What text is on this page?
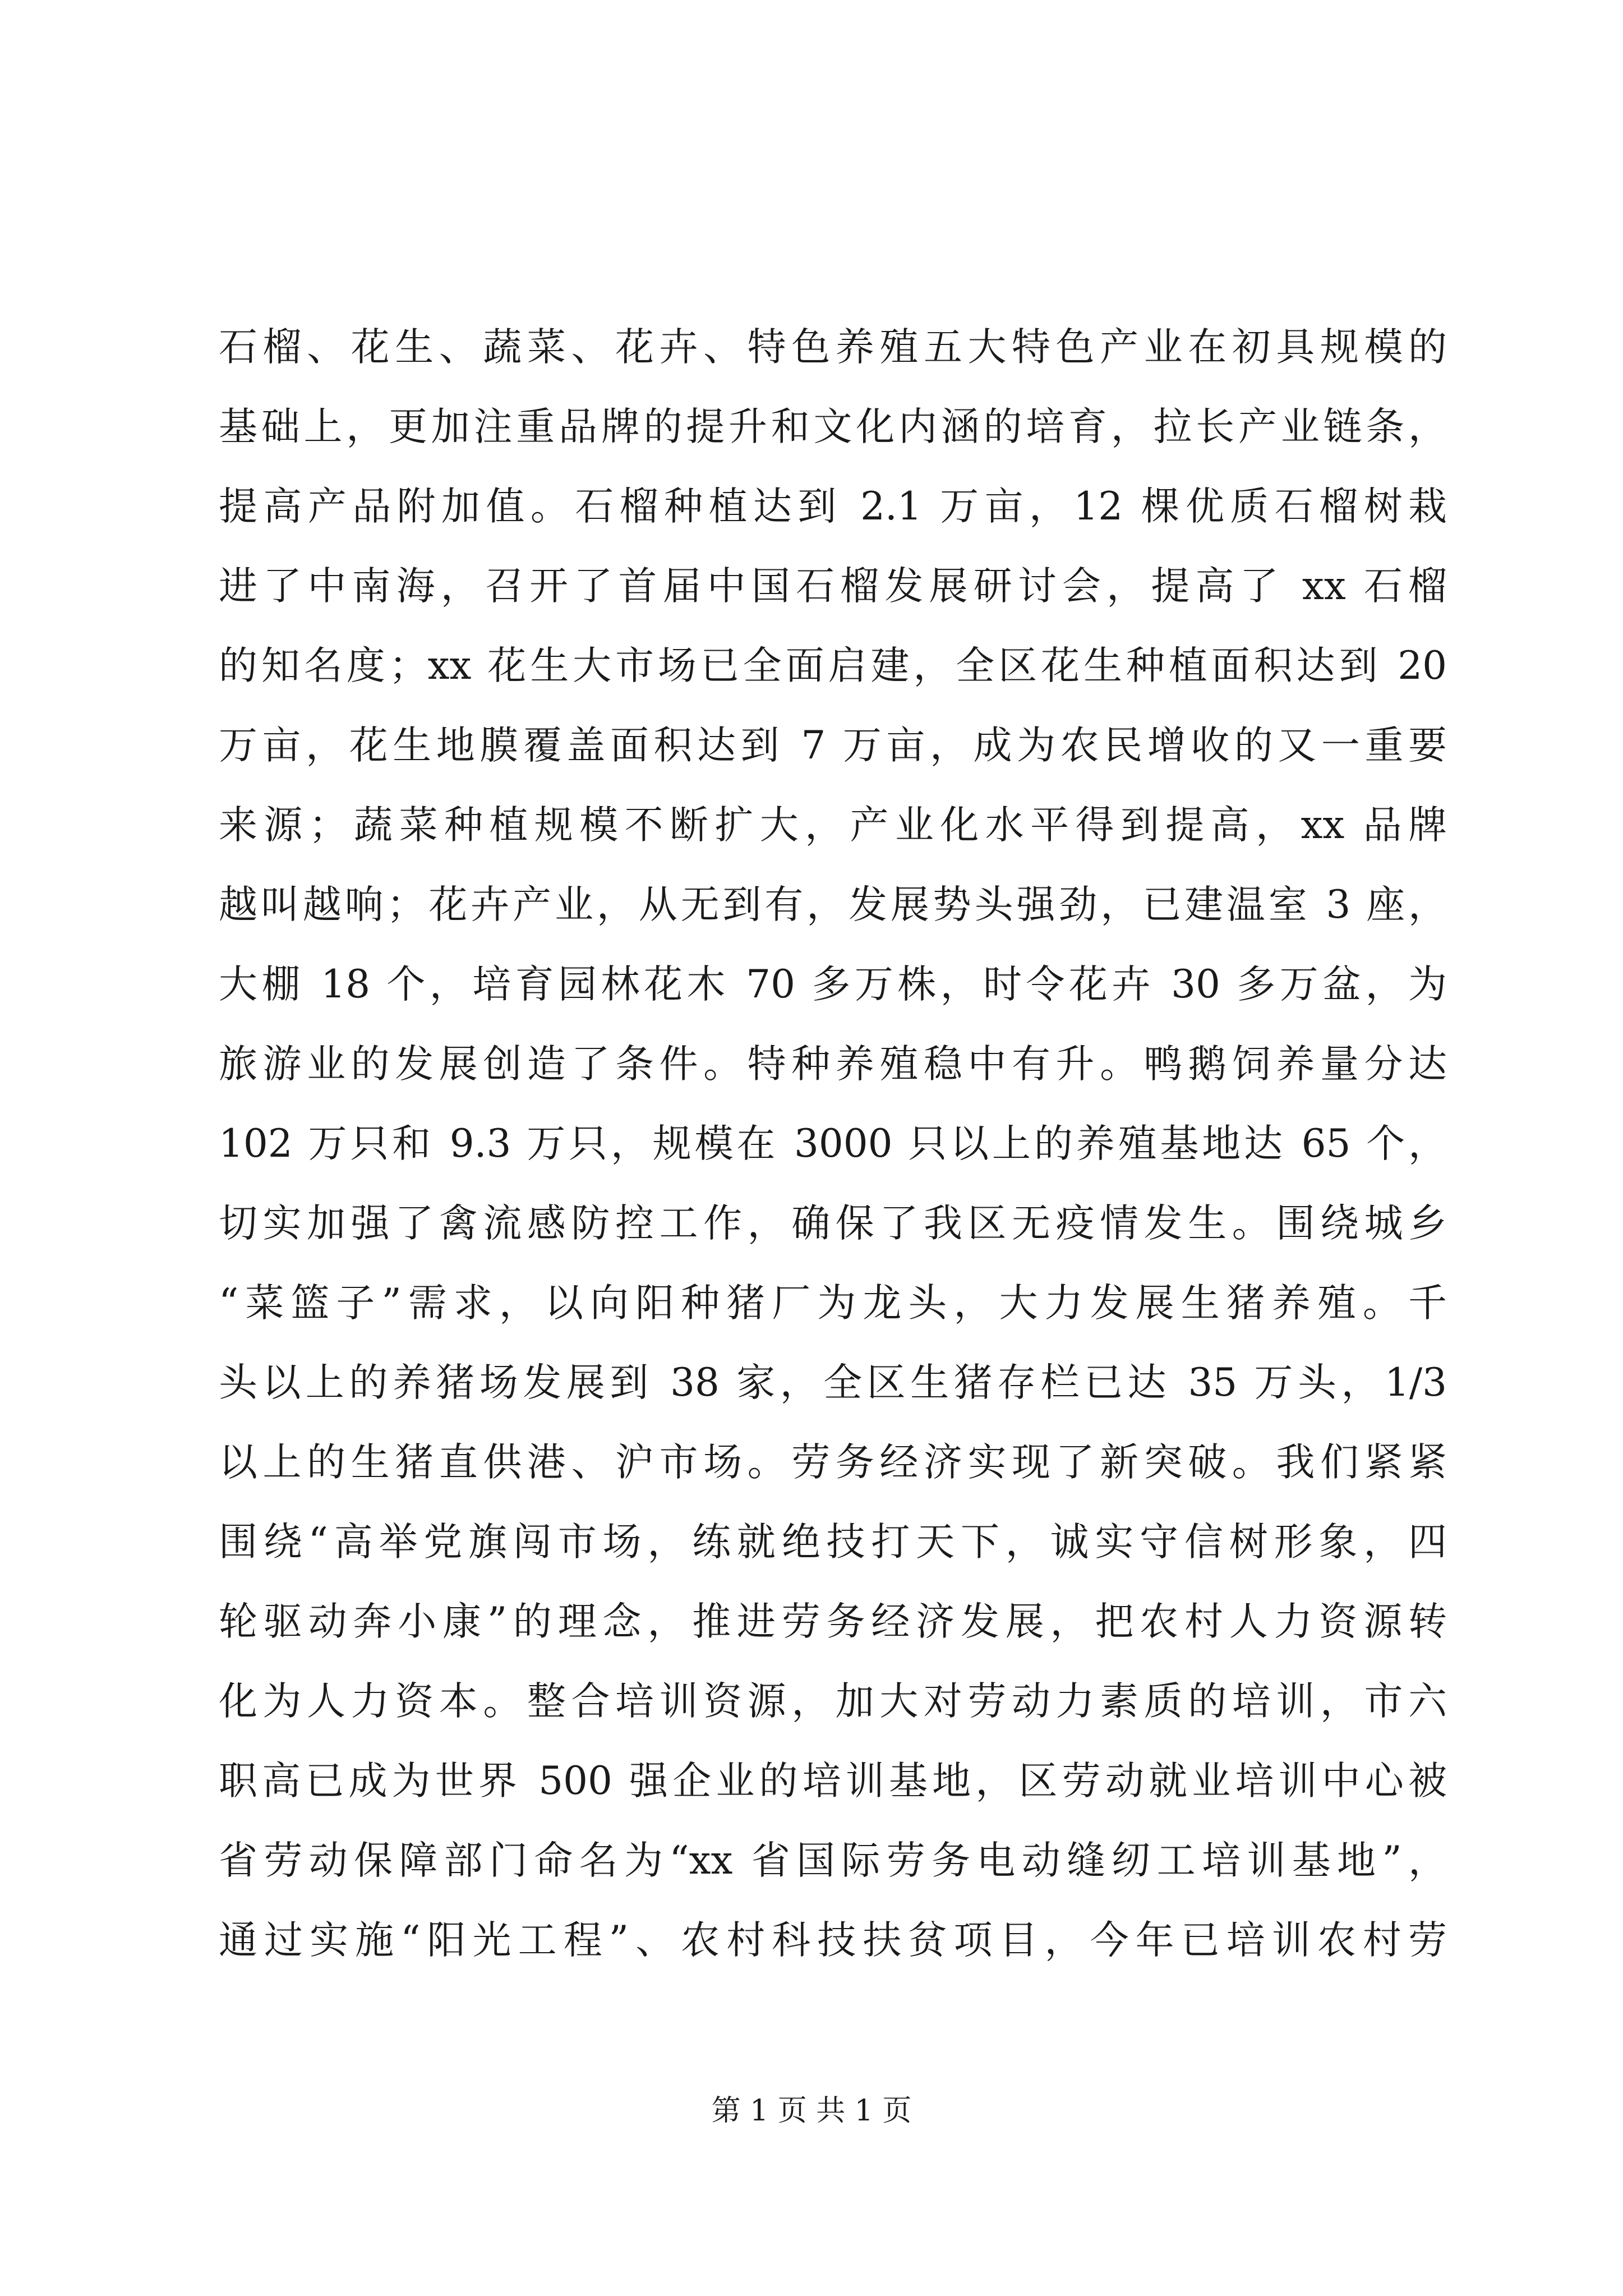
石榴、花生、蔬菜、花卉、特色养殖五大特色产业在初具规模的
基础上，更加注重品牌的提升和文化内涵的培育，拉长产业链条，
提高产品附加值。石榴种植达到 2.1 万亩，12 棵优质石榴树栽
进了中南海，召开了首届中国石榴发展研讨会，提高了 xx 石榴
的知名度；xx 花生大市场已全面启建，全区花生种植面积达到 20
万亩，花生地膜覆盖面积达到 7 万亩，成为农民增收的又一重要
来源；蔬菜种植规模不断扩大，产业化水平得到提高，xx 品牌
越叫越响；花卉产业，从无到有，发展势头强劲，已建温室 3 座，
大棚 18 个，培育园林花木 70 多万株，时令花卉 30 多万盆，为
旅游业的发展创造了条件。特种养殖稳中有升。鸭鹅饲养量分达
102 万只和 9.3 万只，规模在 3000 只以上的养殖基地达 65 个，
切实加强了禽流感防控工作，确保了我区无疫情发生。围绕城乡
“菜篮子”需求，以向阳种猪厂为龙头，大力发展生猪养殖。千
头以上的养猪场发展到 38 家，全区生猪存栏已达 35 万头，1/3
以上的生猪直供港、沪市场。劳务经济实现了新突破。我们紧紧
围绕“高举党旗闯市场，练就绝技打天下，诚实守信树形象，四
轮驱动奔小康”的理念，推进劳务经济发展，把农村人力资源转
化为人力资本。整合培训资源，加大对劳动力素质的培训，市六
职高已成为世界 500 强企业的培训基地，区劳动就业培训中心被
省劳动保障部门命名为“xx 省国际劳务电动缝纫工培训基地”，
通过实施“阳光工程”、农村科技扶贫项目，今年已培训农村劳
第 1 页 共 1 页
